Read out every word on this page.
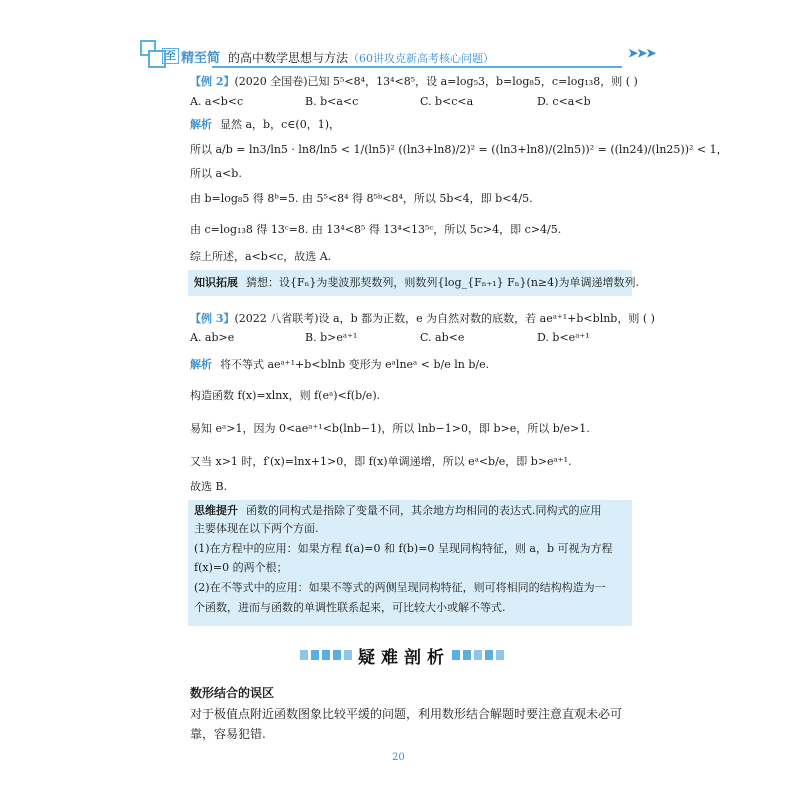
至 精至简 的高中数学思想与方法（60讲攻克新高考核心问题）	➤➤➤
【例 2】(2020 全国卷)已知 5⁵<8⁴，13⁴<8⁵，设 a=log₅3，b=log₈5，c=log₁₃8，则 ( )
A. a<b<c	B. b<a<c	C. b<c<a	D. c<a<b
解析 显然 a，b，c∈(0，1)，
所以 a/b = ln3/ln5 · ln8/ln5 < 1/(ln5)² ((ln3+ln8)/2)² = ((ln3+ln8)/(2ln5))² = ((ln24)/(ln25))² < 1，
所以 a<b.
由 b=log₈5 得 8ᵇ=5. 由 5⁵<8⁴ 得 8⁵ᵇ<8⁴，所以 5b<4，即 b<4/5.
由 c=log₁₃8 得 13ᶜ=8. 由 13⁴<8⁵ 得 13⁴<13⁵ᶜ，所以 5c>4，即 c>4/5.
综上所述，a<b<c，故选 A.
知识拓展 猜想：设{Fₙ}为斐波那契数列，则数列{log_{Fₙ₊₁} Fₙ}(n≥4)为单调递增数列.
【例 3】(2022 八省联考)设 a，b 都为正数，e 为自然对数的底数，若 aeᵃ⁺¹+b<blnb，则 ( )
A. ab>e	B. b>eᵃ⁺¹	C. ab<e	D. b<eᵃ⁺¹
解析 将不等式 aeᵃ⁺¹+b<blnb 变形为 eᵃlneᵃ < b/e ln b/e.
构造函数 f(x)=xlnx，则 f(eᵃ)<f(b/e).
易知 eᵃ>1，因为 0<aeᵃ⁺¹<b(lnb−1)，所以 lnb−1>0，即 b>e，所以 b/e>1.
又当 x>1 时，f′(x)=lnx+1>0，即 f(x)单调递增，所以 eᵃ<b/e，即 b>eᵃ⁺¹.
故选 B.
思维提升 函数的同构式是指除了变量不同，其余地方均相同的表达式.同构式的应用
主要体现在以下两个方面.
(1)在方程中的应用：如果方程 f(a)=0 和 f(b)=0 呈现同构特征，则 a，b 可视为方程
f(x)=0 的两个根；
(2)在不等式中的应用：如果不等式的两侧呈现同构特征，则可将相同的结构构造为一
个函数，进而与函数的单调性联系起来，可比较大小或解不等式.
疑难剖析
数形结合的误区
对于极值点附近函数图象比较平缓的问题，利用数形结合解题时要注意直观未必可靠，容易犯错.
20
